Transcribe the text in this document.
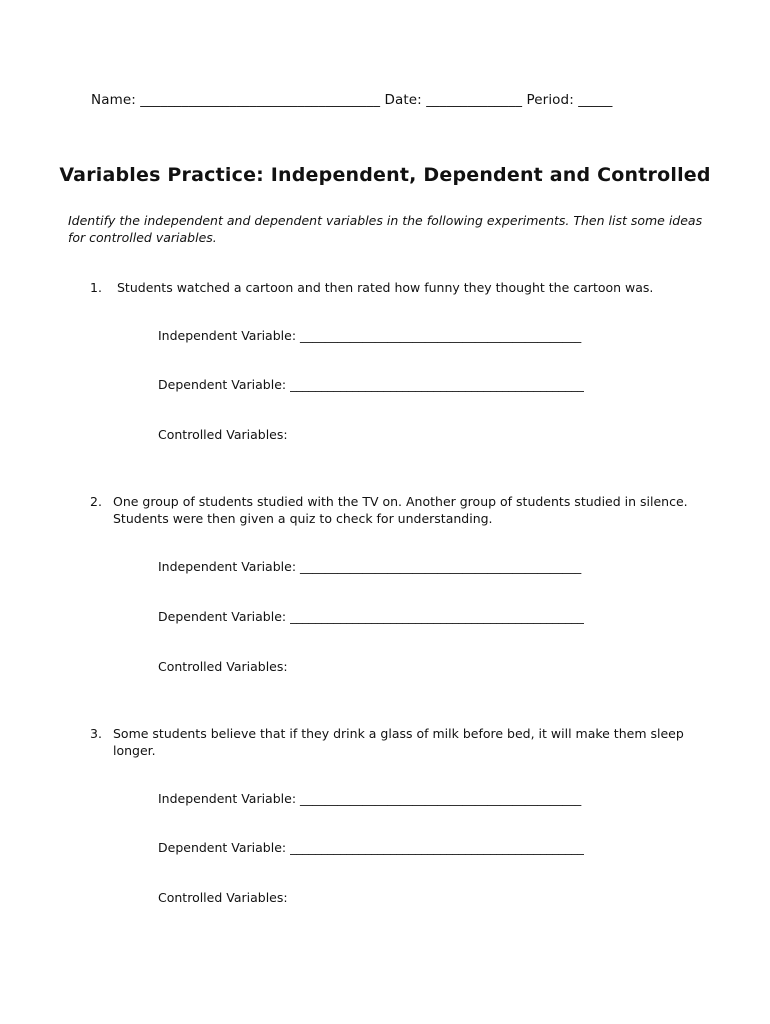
Name: ___________________________________ Date: ______________ Period: _____
Variables Practice: Independent, Dependent and Controlled
Identify the independent and dependent variables in the following experiments. Then list some ideas for controlled variables.
1. Students watched a cartoon and then rated how funny they thought the cartoon was.
Independent Variable: _____________________________________________
Dependent Variable: _______________________________________________
Controlled Variables:
2. One group of students studied with the TV on. Another group of students studied in silence. Students were then given a quiz to check for understanding.
Independent Variable: _____________________________________________
Dependent Variable: _______________________________________________
Controlled Variables:
3. Some students believe that if they drink a glass of milk before bed, it will make them sleep longer.
Independent Variable: _____________________________________________
Dependent Variable: _______________________________________________
Controlled Variables:
